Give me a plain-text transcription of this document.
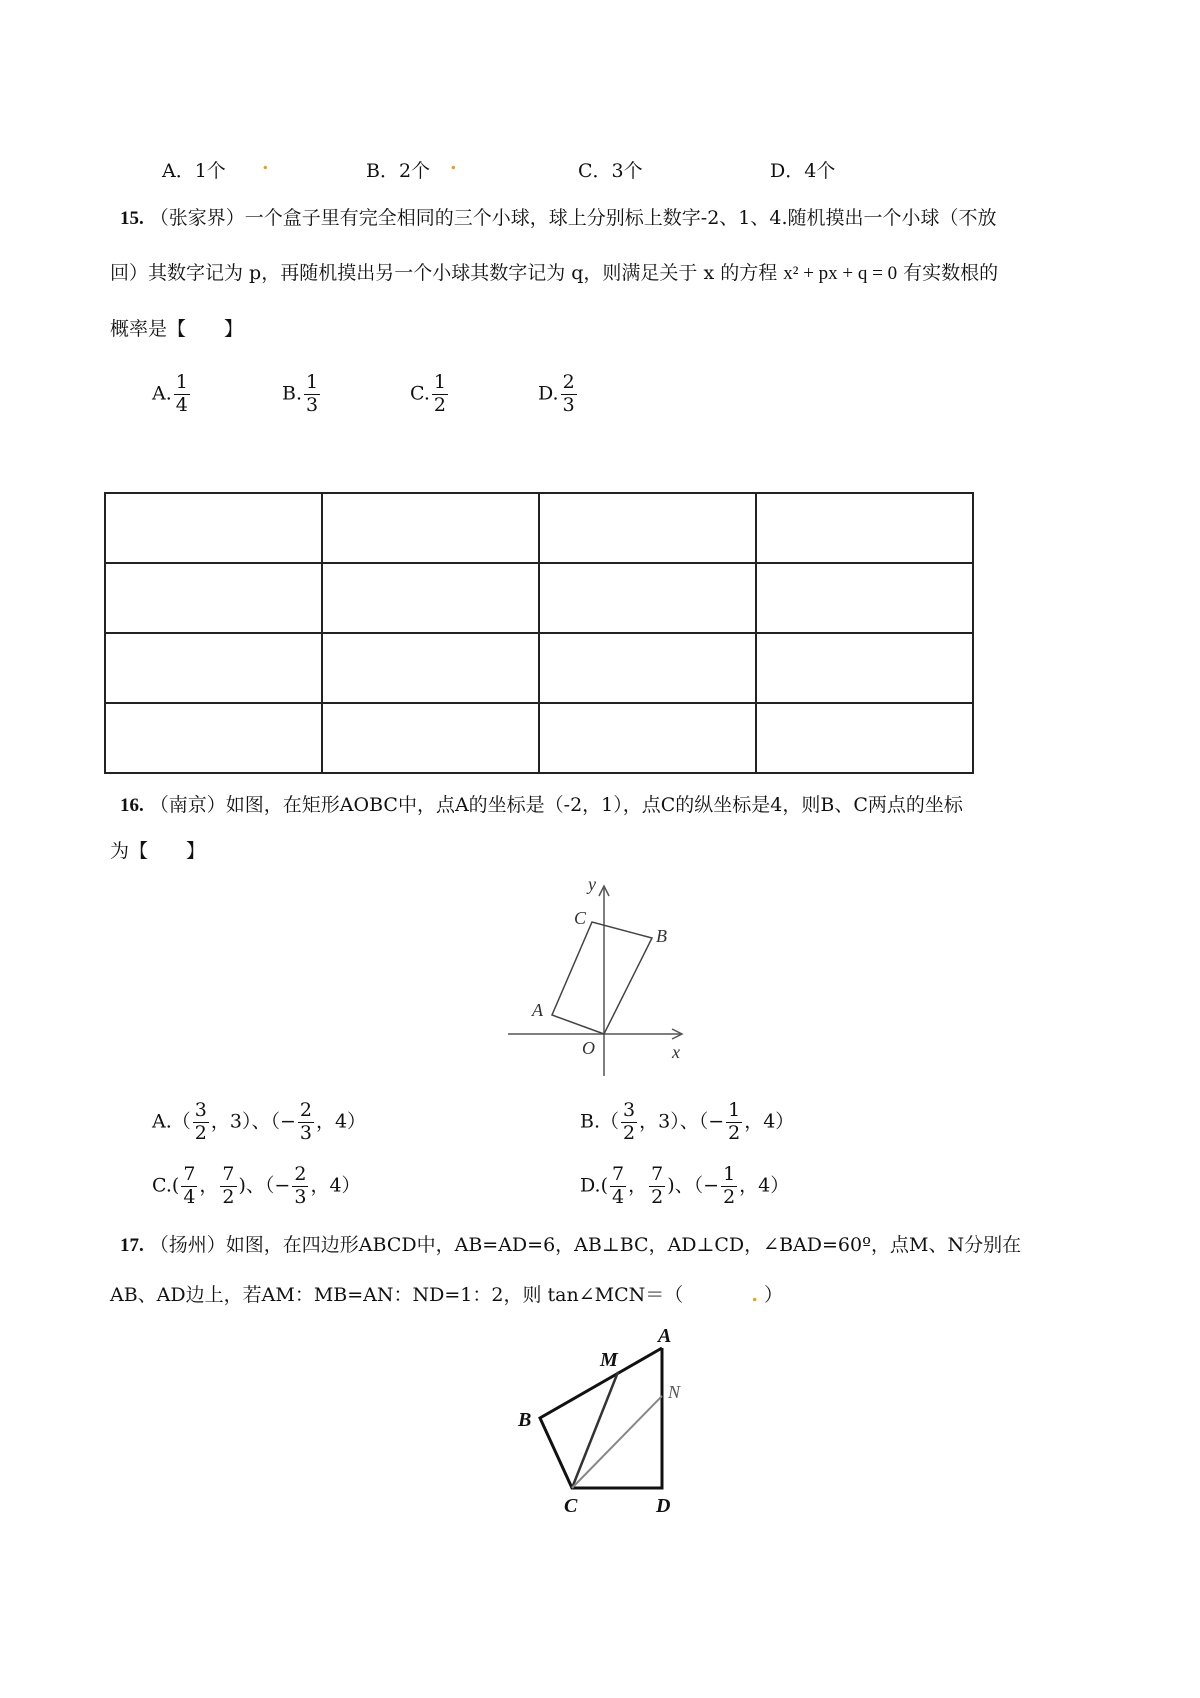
A．1个 .	B．2个 .	C．3个	D．4个
15. （张家界）一个盒子里有完全相同的三个小球，球上分别标上数字-2、1、4.随机摸出一个小球（不放
回）其数字记为 p，再随机摸出另一个小球其数字记为 q，则满足关于 x 的方程 x² + px + q = 0 有实数根的
概率是【　　】
A. $\frac{1}{4}$	B. $\frac{1}{3}$	C. $\frac{1}{2}$	D. $\frac{2}{3}$

16. （南京）如图，在矩形AOBC中，点A的坐标是（-2，1），点C的纵坐标是4，则B、C两点的坐标
为【　　】
y
x
O
A
B
C
$A.( \frac{3}{2}$ ，3）、（− $\frac{2}{3}$ ，4）	$B.( \frac{3}{2}$ ，3）、（− $\frac{1}{2}$ ，4）
$C.( \frac{7}{4}$ ， $\frac{7}{2}$ )、（− $\frac{2}{3}$ ，4）	$D.( \frac{7}{4}$ ， $\frac{7}{2}$ )、（− $\frac{1}{2}$ ，4）
17. （扬州）如图，在四边形ABCD中，AB=AD=6，AB⊥BC，AD⊥CD，∠BAD=60º，点M、N分别在
AB、AD边上，若AM：MB=AN：ND=1：2，则 tan∠MCN＝（	. ）
A
B
C	D
M
N
